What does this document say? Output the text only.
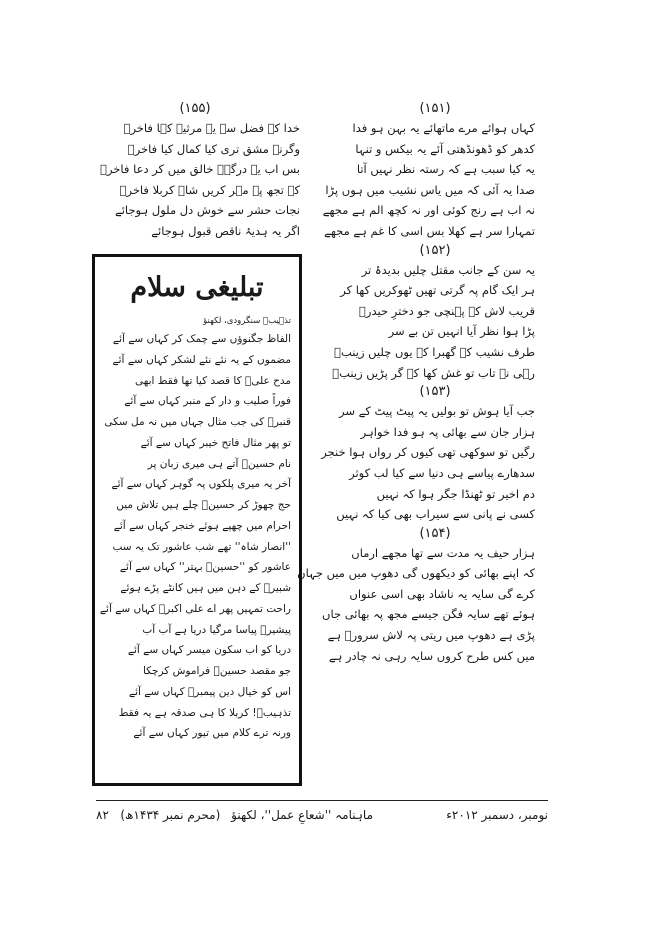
(۱۵۱)
کہاں ہوائے مرے ماتھائے یہ بہن ہو فدا
کدھر کو ڈھونڈھتی آئے یہ بیکس و تنہا
یہ کیا سبب ہے کہ رستہ نظر نہیں آتا
صدا یہ آئی کہ میں یاس نشیب میں ہوں پڑا
نہ اب ہے رنج کوئی اور نہ کچھ الم ہے مجھے
تمہارا سر ہے کھلا بس اسی کا غم ہے مجھے
(۱۵۲)
یہ سن کے جانب مقتل چلیں بدیدۂ تر
ہر ایک گام پہ گرتی تھیں ٹھوکریں کھا کر
قریب لاش کے پہنچی جو دخترِ حیدرؑ
پڑا ہوا نظر آیا انہیں تن بے سر
طرف نشیب کے گھبرا کے یوں چلیں زینبؑ
رہی نہ تاب تو غش کھا کے گر پڑیں زینبؑ
(۱۵۳)
جب آیا ہوش تو بولیں یہ پیٹ پیٹ کے سر
ہزار جان سے بھائی پہ ہو فدا خواہر
رگیں تو سوکھی تھی کیوں کر رواں ہوا خنجر
سدھارے پیاسے ہی دنیا سے کیا لب کوثر
دم اخیر تو ٹھنڈا جگر ہوا کہ نہیں
کسی نے پانی سے سیراب بھی کیا کہ نہیں
(۱۵۴)
ہزار حیف یہ مدت سے تھا مجھے ارماں
کہ اپنے بھائی کو دیکھوں گی دھوپ میں میں جہاں
کرے گی سایہ یہ ناشاد بھی اسی عنواں
ہوئے تھے سایہ فگن جیسے مجھ پہ بھائی جاں
پڑی ہے دھوپ میں ریتی پہ لاش سرورؑ ہے
میں کس طرح کروں سایہ رہی نہ چادر ہے
(۱۵۵)
خدا کے فضل سے یہ مرثیہ کہا فاخرؔ
وگرنہ مشق تری کیا کمال کیا فاخرؔ
بس اب یہ درگہہ خالق میں کر دعا فاخرؔ
کہ تجھ پہ مہر کریں شاہ کربلا فاخرؔ
نجات حشر سے خوش دل ملول ہوجائے
اگر یہ ہدیۂ ناقص قبول ہوجائے
تبلیغی سلام
تذہیبؔ سنگرودی، لکھنؤ
الفاظ جگنوؤں سے چمک کر کہاں سے آئے
مضموں کے یہ نئے نئے لشکر کہاں سے آئے
مدح علیؑ کا قصد کیا تھا فقط ابھی
فوراً صلیب و دار کے منبر کہاں سے آئے
قنبرؓ کی جب مثال جہاں میں نہ مل سکی
تو پھر مثال فاتح خیبر کہاں سے آئے
نام حسینؑ آتے ہی میری زبان پر
آخر یہ میری پلکوں پہ گوہر کہاں سے آئے
حج چھوڑ کر حسینؑ چلے ہیں تلاش میں
احرام میں چھپے ہوئے خنجر کہاں سے آئے
''انصار شاہ'' تھے شب عاشور تک یہ سب
عاشور کو ''حسینؑ بہتر'' کہاں سے آئے
شبیرؑ کے دہن میں ہیں کانٹے پڑے ہوئے
راحت تمہیں پھر اے علی اکبرؑ کہاں سے آئے
پیشیرؑ پیاسا مرگیا دریا ہے آب آب
دریا کو اب سکون میسر کہاں سے آئے
جو مقصد حسینؑ فراموش کرچکا
اس کو خیال دین پیمبرؐ کہاں سے آئے
تذہیبؔ! کربلا کا ہی صدقہ ہے یہ فقط
ورنہ ترے کلام میں تیور کہاں سے آئے
نومبر، دسمبر ۲۰۱۲ء
ماہنامہ ''شعاعِ عمل''، لکھنؤ
۸۲ (محرم نمبر ۱۴۳۴ھ)
